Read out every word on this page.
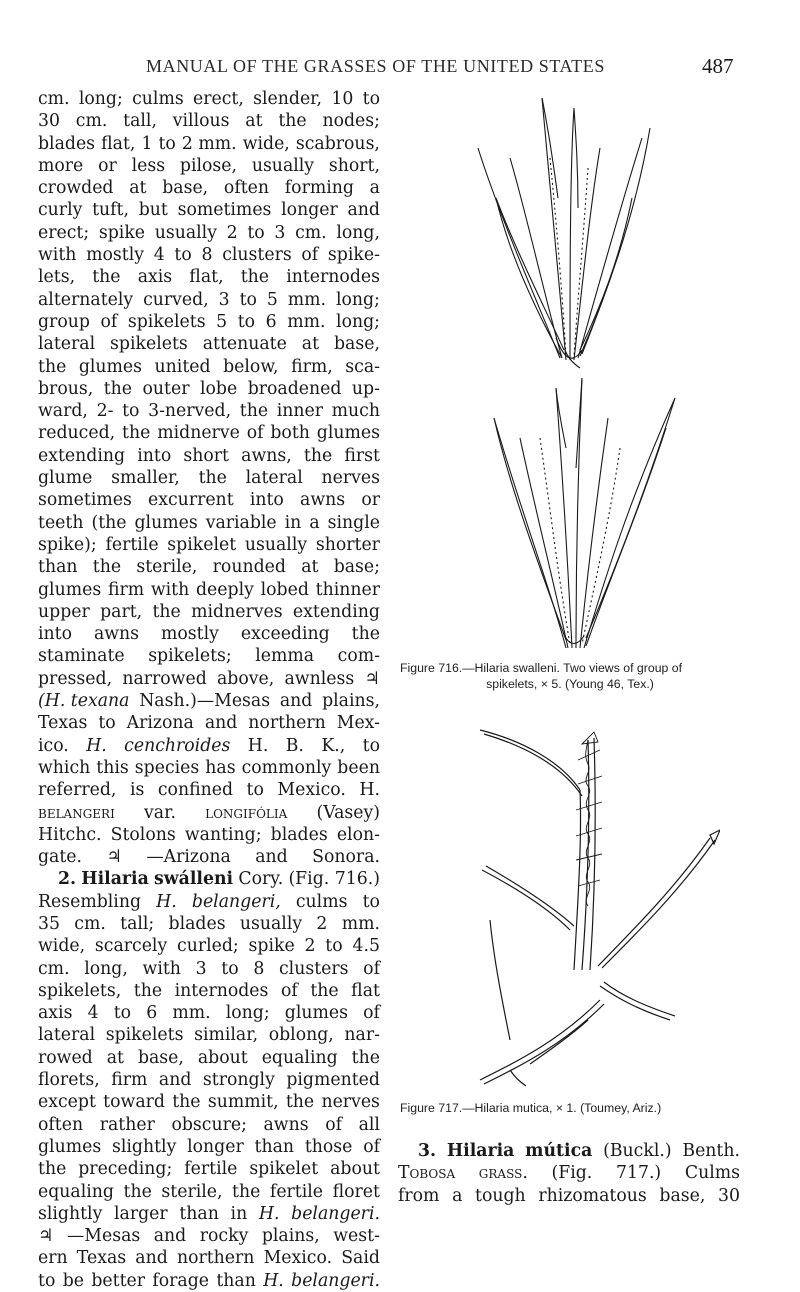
MANUAL OF THE GRASSES OF THE UNITED STATES	487
cm. long; culms erect, slender, 10 to
30 cm. tall, villous at the nodes;
blades flat, 1 to 2 mm. wide, scabrous,
more or less pilose, usually short,
crowded at base, often forming a
curly tuft, but sometimes longer and
erect; spike usually 2 to 3 cm. long,
with mostly 4 to 8 clusters of spike-
lets, the axis flat, the internodes
alternately curved, 3 to 5 mm. long;
group of spikelets 5 to 6 mm. long;
lateral spikelets attenuate at base,
the glumes united below, firm, sca-
brous, the outer lobe broadened up-
ward, 2- to 3-nerved, the inner much
reduced, the midnerve of both glumes
extending into short awns, the first
glume smaller, the lateral nerves
sometimes excurrent into awns or
teeth (the glumes variable in a single
spike); fertile spikelet usually shorter
than the sterile, rounded at base;
glumes firm with deeply lobed thinner
upper part, the midnerves extending
into awns mostly exceeding the
staminate spikelets; lemma com-
pressed, narrowed above, awnless ♃
(H. texana Nash.)—Mesas and plains,
Texas to Arizona and northern Mex-
ico. H. cenchroides H. B. K., to
which this species has commonly been
referred, is confined to Mexico. H.
belangeri var. longifólia (Vasey)
Hitchc. Stolons wanting; blades elon-
gate. ♃ —Arizona and Sonora.
2. Hilaria swálleni Cory. (Fig. 716.)
Resembling H. belangeri, culms to
35 cm. tall; blades usually 2 mm.
wide, scarcely curled; spike 2 to 4.5
cm. long, with 3 to 8 clusters of
spikelets, the internodes of the flat
axis 4 to 6 mm. long; glumes of
lateral spikelets similar, oblong, nar-
rowed at base, about equaling the
florets, firm and strongly pigmented
except toward the summit, the nerves
often rather obscure; awns of all
glumes slightly longer than those of
the preceding; fertile spikelet about
equaling the sterile, the fertile floret
slightly larger than in H. belangeri.
♃ —Mesas and rocky plains, west-
ern Texas and northern Mexico. Said
to be better forage than H. belangeri.
Figure 716.—Hilaria swalleni. Two views of group of
spikelets, × 5. (Young 46, Tex.)
Figure 717.—Hilaria mutica, × 1. (Toumey, Ariz.)
3. Hilaria mútica (Buckl.) Benth.
Tobosa grass. (Fig. 717.) Culms
from a tough rhizomatous base, 30
